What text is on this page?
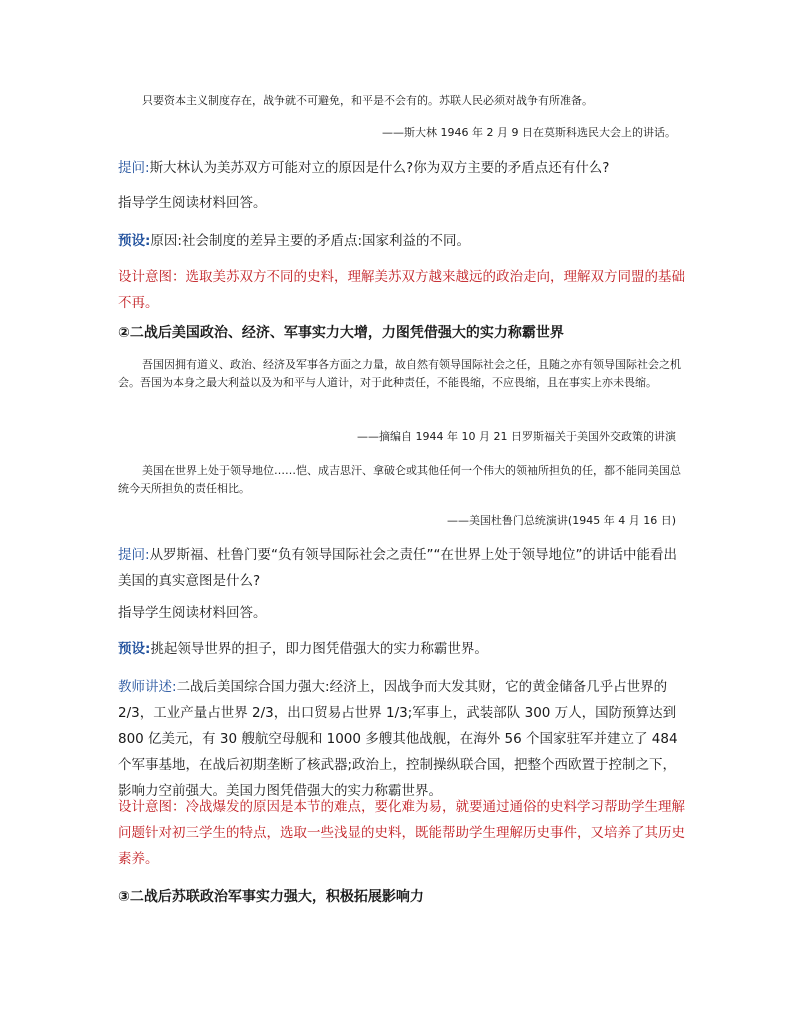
只要资本主义制度存在，战争就不可避免，和平是不会有的。苏联人民必须对战争有所准备。

——斯大林 1946 年 2 月 9 日在莫斯科选民大会上的讲话。

提问:斯大林认为美苏双方可能对立的原因是什么?你为双方主要的矛盾点还有什么?

指导学生阅读材料回答。

预设:原因:社会制度的差异主要的矛盾点:国家利益的不同。

设计意图：选取美苏双方不同的史料，理解美苏双方越来越远的政治走向，理解双方同盟的基础不再。

②二战后美国政治、经济、军事实力大增，力图凭借强大的实力称霸世界

吾国因拥有道义、政治、经济及军事各方面之力量，故自然有领导国际社会之任，且随之亦有领导国际社会之机会。吾国为本身之最大利益以及为和平与人道计，对于此种责任，不能畏缩，不应畏缩，且在事实上亦未畏缩。

——摘编自 1944 年 10 月 21 日罗斯福关于美国外交政策的讲演

美国在世界上处于领导地位……恺、成吉思汗、拿破仑或其他任何一个伟大的领袖所担负的任，都不能同美国总统今天所担负的责任相比。

——美国杜鲁门总统演讲(1945 年 4 月 16 日)

提问:从罗斯福、杜鲁门要“负有领导国际社会之责任”“在世界上处于领导地位”的讲话中能看出美国的真实意图是什么?

指导学生阅读材料回答。

预设:挑起领导世界的担子，即力图凭借强大的实力称霸世界。

教师讲述:二战后美国综合国力强大:经济上，因战争而大发其财，它的黄金储备几乎占世界的 2/3，工业产量占世界 2/3，出口贸易占世界 1/3;军事上，武装部队 300 万人，国防预算达到 800 亿美元，有 30 艘航空母舰和 1000 多艘其他战舰，在海外 56 个国家驻军并建立了 484 个军事基地，在战后初期垄断了核武器;政治上，控制操纵联合国，把整个西欧置于控制之下，影响力空前强大。美国力图凭借强大的实力称霸世界。

设计意图：冷战爆发的原因是本节的难点，要化难为易，就要通过通俗的史料学习帮助学生理解问题针对初三学生的特点，选取一些浅显的史料，既能帮助学生理解历史事件，又培养了其历史素养。

③二战后苏联政治军事实力强大，积极拓展影响力
